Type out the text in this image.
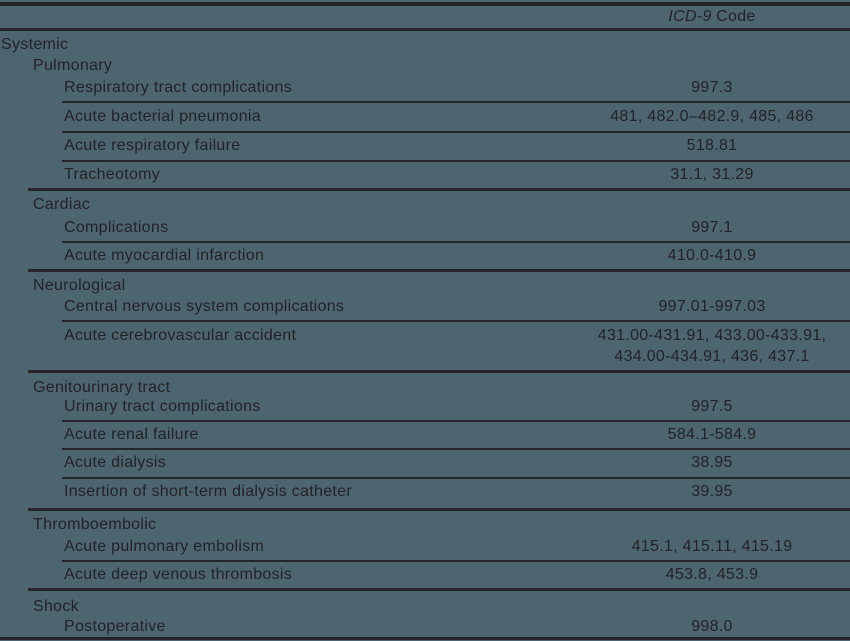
ICD-9 Code
Systemic
Pulmonary
Respiratory tract complications	997.3
Acute bacterial pneumonia	481, 482.0–482.9, 485, 486
Acute respiratory failure	518.81
Tracheotomy	31.1, 31.29
Cardiac
Complications	997.1
Acute myocardial infarction	410.0-410.9
Neurological
Central nervous system complications	997.01-997.03
Acute cerebrovascular accident	431.00-431.91, 433.00-433.91,
434.00-434.91, 436, 437.1
Genitourinary tract
Urinary tract complications	997.5
Acute renal failure	584.1-584.9
Acute dialysis	38.95
Insertion of short-term dialysis catheter	39.95
Thromboembolic
Acute pulmonary embolism	415.1, 415.11, 415.19
Acute deep venous thrombosis	453.8, 453.9
Shock
Postoperative	998.0
